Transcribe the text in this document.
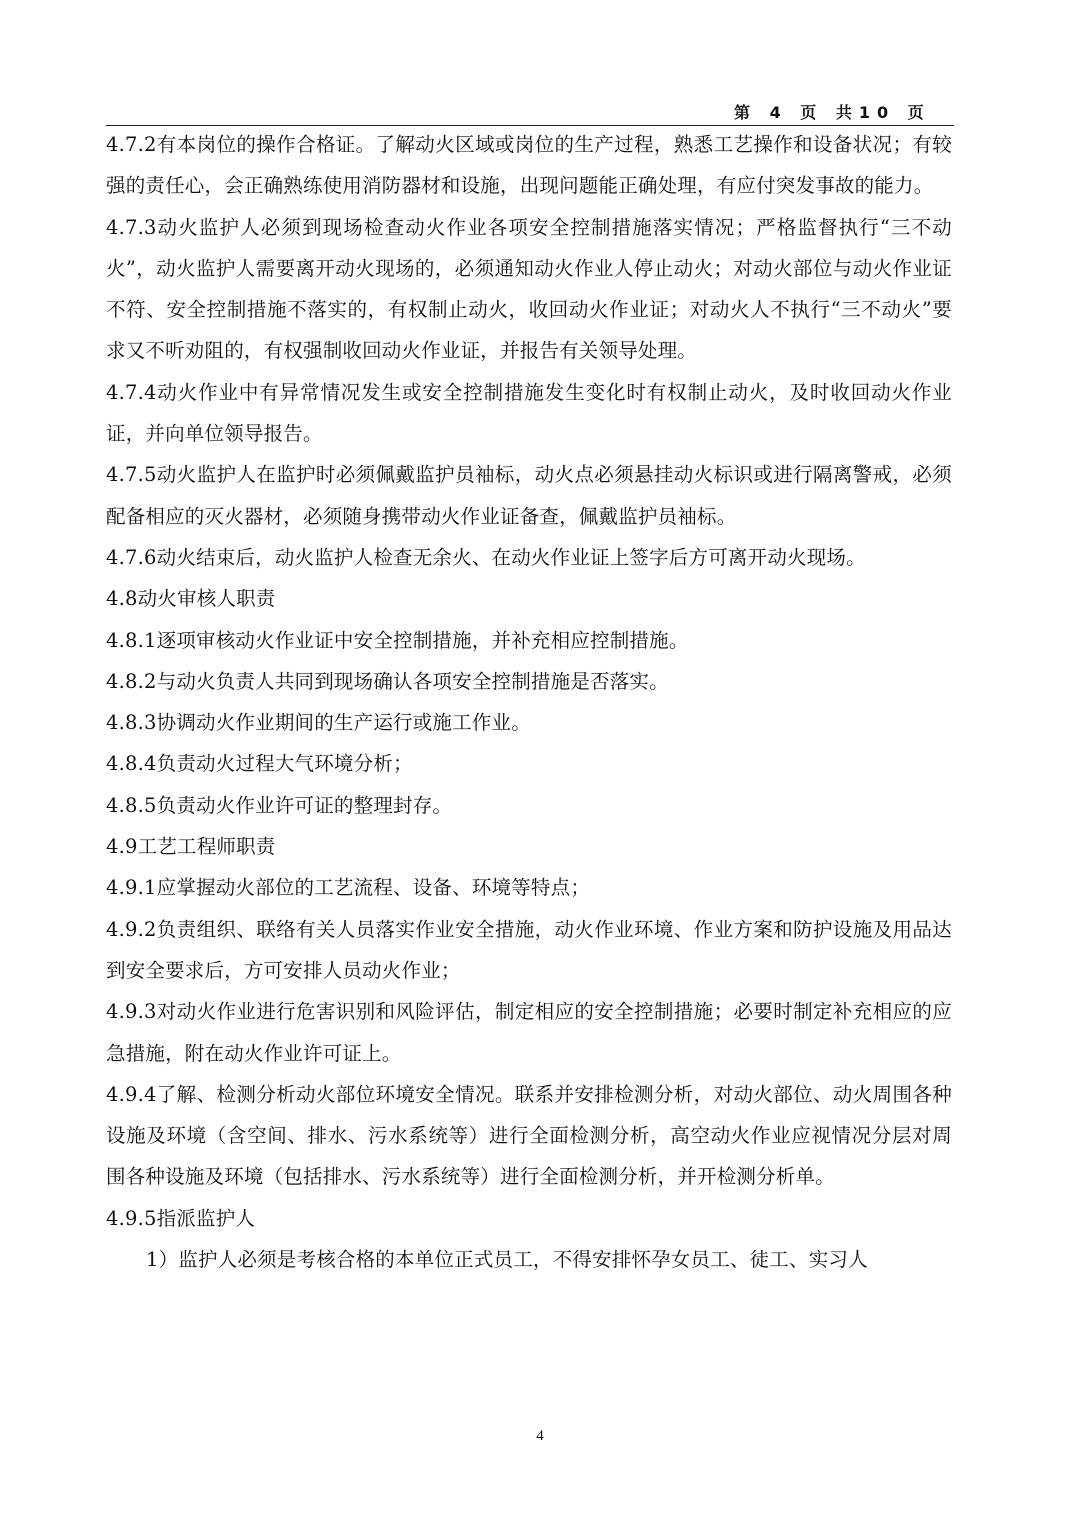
第 4 页 共10 页

4.7.2有本岗位的操作合格证。了解动火区域或岗位的生产过程，熟悉工艺操作和设备状况；有较强的责任心，会正确熟练使用消防器材和设施，出现问题能正确处理，有应付突发事故的能力。

4.7.3动火监护人必须到现场检查动火作业各项安全控制措施落实情况；严格监督执行“三不动火”，动火监护人需要离开动火现场的，必须通知动火作业人停止动火；对动火部位与动火作业证不符、安全控制措施不落实的，有权制止动火，收回动火作业证；对动火人不执行“三不动火”要求又不听劝阻的，有权强制收回动火作业证，并报告有关领导处理。

4.7.4动火作业中有异常情况发生或安全控制措施发生变化时有权制止动火，及时收回动火作业证，并向单位领导报告。

4.7.5动火监护人在监护时必须佩戴监护员袖标，动火点必须悬挂动火标识或进行隔离警戒，必须配备相应的灭火器材，必须随身携带动火作业证备查，佩戴监护员袖标。

4.7.6动火结束后，动火监护人检查无余火、在动火作业证上签字后方可离开动火现场。

4.8动火审核人职责

4.8.1逐项审核动火作业证中安全控制措施，并补充相应控制措施。

4.8.2与动火负责人共同到现场确认各项安全控制措施是否落实。

4.8.3协调动火作业期间的生产运行或施工作业。

4.8.4负责动火过程大气环境分析；

4.8.5负责动火作业许可证的整理封存。

4.9工艺工程师职责

4.9.1应掌握动火部位的工艺流程、设备、环境等特点；

4.9.2负责组织、联络有关人员落实作业安全措施，动火作业环境、作业方案和防护设施及用品达到安全要求后，方可安排人员动火作业；

4.9.3对动火作业进行危害识别和风险评估，制定相应的安全控制措施；必要时制定补充相应的应急措施，附在动火作业许可证上。

4.9.4了解、检测分析动火部位环境安全情况。联系并安排检测分析，对动火部位、动火周围各种设施及环境（含空间、排水、污水系统等）进行全面检测分析，高空动火作业应视情况分层对周围各种设施及环境（包括排水、污水系统等）进行全面检测分析，并开检测分析单。

4.9.5指派监护人

1）监护人必须是考核合格的本单位正式员工，不得安排怀孕女员工、徒工、实习人

4
